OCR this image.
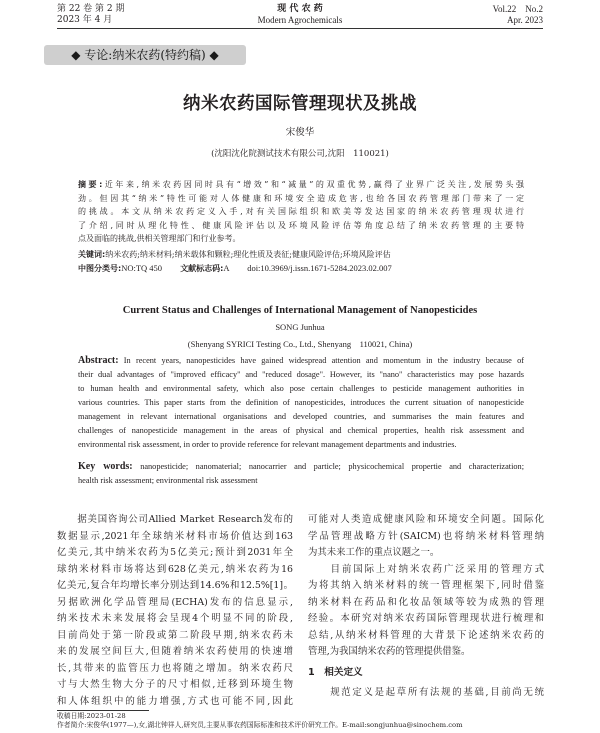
第 22 卷 第 2 期
2023 年 4 月
现 代 农 药
Modern Agrochemicals
Vol.22　No.2
Apr. 2023
◆ 专论:纳米农药(特约稿) ◆
纳米农药国际管理现状及挑战
宋俊华
(沈阳沈化院测试技术有限公司,沈阳　110021)
摘要:近年来,纳米农药因同时具有“增效”和“减量”的双重优势,赢得了业界广泛关注,发展势头强
劲。但因其“纳米”特性可能对人体健康和环境安全造成危害,也给各国农药管理部门带来了一定
的挑战。本文从纳米农药定义入手,对有关国际组织和欧美等发达国家的纳米农药管理现状进行
了介绍,同时从理化特性、健康风险评估以及环境风险评估等角度总结了纳米农药管理的主要特
点及面临的挑战,供相关管理部门和行业参考。
关键词:纳米农药;纳米材料;纳米载体和颗粒;理化性质及表征;健康风险评估;环境风险评估
中图分类号:NO:TQ 450 文献标志码:A doi:10.3969/j.issn.1671-5284.2023.02.007
Current Status and Challenges of International Management of Nanopesticides
SONG Junhua
(Shenyang SYRICI Testing Co., Ltd., Shenyang　110021, China)
Abstract: In recent years, nanopesticides have gained widespread attention and momentum in the industry because of
their dual advantages of "improved efficacy" and "reduced dosage". However, its "nano" characteristics may pose hazards
to human health and environmental safety, which also pose certain challenges to pesticide management authorities in
various countries. This paper starts from the definition of nanopesticides, introduces the current situation of nanopesticide
management in relevant international organisations and developed countries, and summarises the main features and
challenges of nanopesticide management in the areas of physical and chemical properties, health risk assessment and
environmental risk assessment, in order to provide reference for relevant management departments and industries.
Key words: nanopesticide; nanomaterial; nanocarrier and particle; physicochemical propertie and characterization;
health risk assessment; environmental risk assessment
　　据美国咨询公司Allied Market Research发布的
数据显示,2021年全球纳米材料市场价值达到163
亿美元,其中纳米农药为5亿美元;预计到2031年全
球纳米材料市场将达到628亿美元,纳米农药为16
亿美元,复合年均增长率分别达到14.6%和12.5%[1]。
另据欧洲化学品管理局(ECHA)发布的信息显示,
纳米技术未来发展将会呈现4个明显不同的阶段,
目前尚处于第一阶段或第二阶段早期,纳米农药未
来的发展空间巨大,但随着纳米农药使用的快速增
长,其带来的监管压力也将随之增加。纳米农药尺
寸与大然生物大分子的尺寸相似,迁移到环境生物
和人体组织中的能力增强,方式也可能不同,因此
可能对人类造成健康风险和环境安全问题。国际化
学品管理战略方针(SAICM)也将纳米材料管理纳
为其未来工作的重点议题之一。
　　目前国际上对纳米农药广泛采用的管理方式
为将其纳入纳米材料的统一管理框架下,同时借鉴
纳米材料在药品和化妆品领域等较为成熟的管理
经验。本研究对纳米农药国际管理现状进行梳理和
总结,从纳米材料管理的大背景下论述纳米农药的
管理,为我国纳米农药的管理提供借鉴。
1　相关定义
　　规范定义是起草所有法规的基础,目前尚无统
收稿日期:2023-01-28
作者简介:宋俊华(1977—),女,湖北钟祥人,研究员,主要从事农药国际标准和技术评价研究工作。E-mail:songjunhua@sinochem.com
